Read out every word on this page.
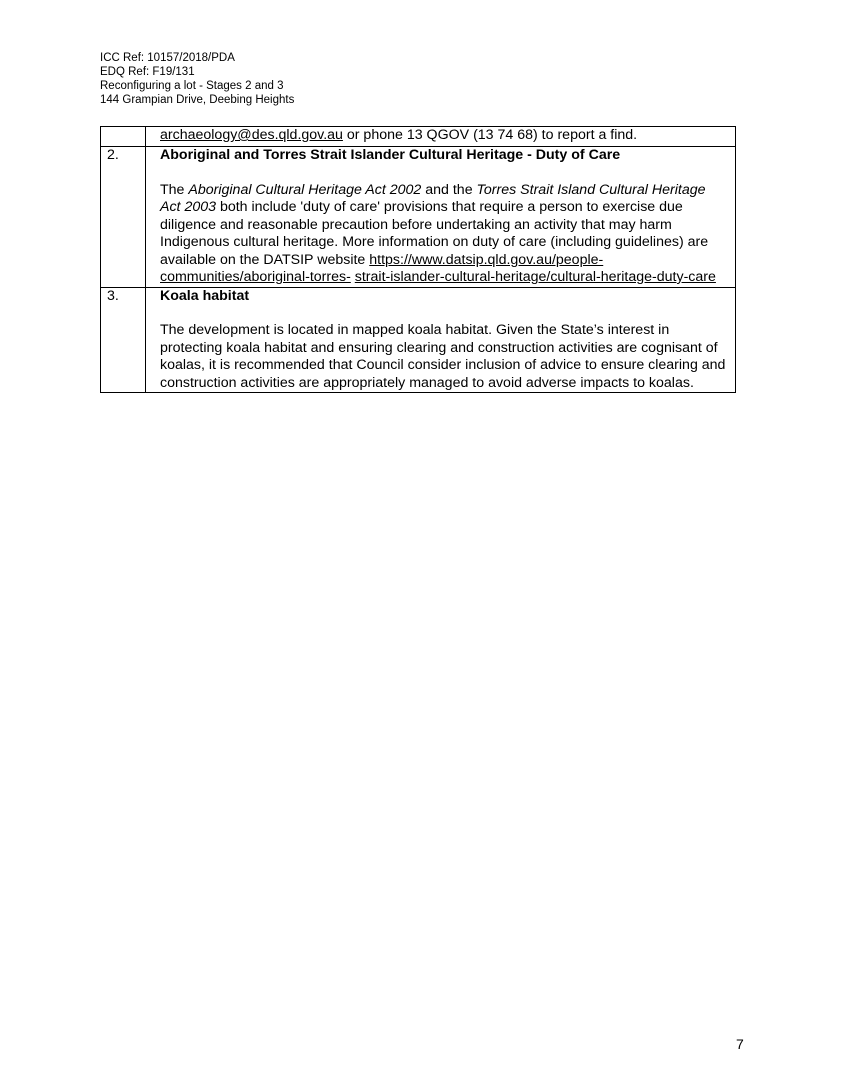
ICC Ref: 10157/2018/PDA
EDQ Ref: F19/131
Reconfiguring a lot - Stages 2 and 3
144 Grampian Drive, Deebing Heights
	archaeology@des.qld.gov.au or phone 13 QGOV (13 74 68) to report a find.
2.	Aboriginal and Torres Strait Islander Cultural Heritage - Duty of Care
The Aboriginal Cultural Heritage Act 2002 and the Torres Strait Island Cultural Heritage Act 2003 both include 'duty of care' provisions that require a person to exercise due diligence and reasonable precaution before undertaking an activity that may harm Indigenous cultural heritage. More information on duty of care (including guidelines) are available on the DATSIP website https://www.datsip.qld.gov.au/people-communities/aboriginal-torres- strait-islander-cultural-heritage/cultural-heritage-duty-care

3.	Koala habitat
The development is located in mapped koala habitat. Given the State’s interest in protecting koala habitat and ensuring clearing and construction activities are cognisant of koalas, it is recommended that Council consider inclusion of advice to ensure clearing and construction activities are appropriately managed to avoid adverse impacts to koalas.
7
